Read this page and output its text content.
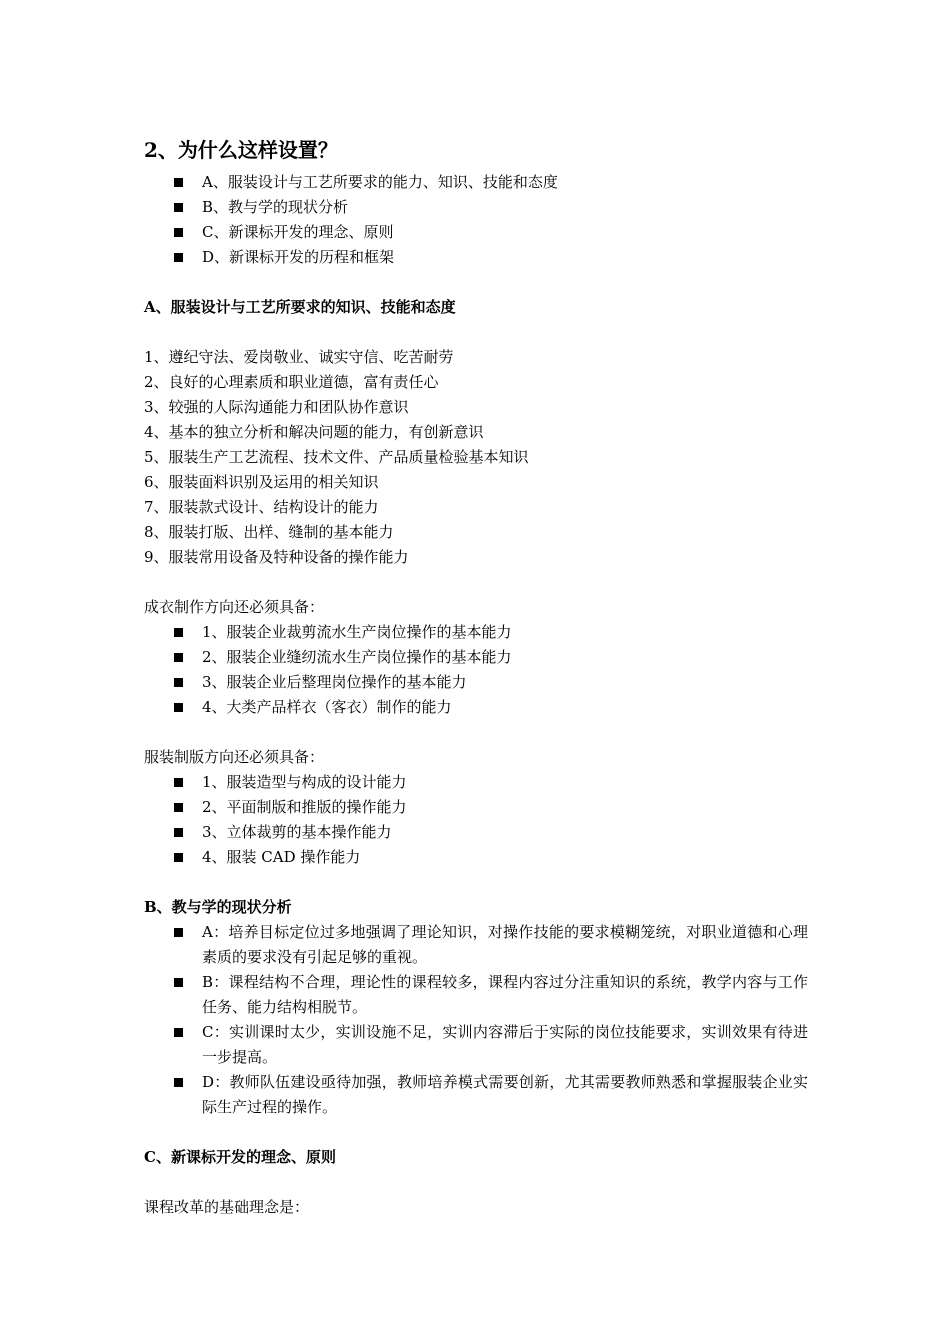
2、为什么这样设置？
A、服装设计与工艺所要求的能力、知识、技能和态度
B、教与学的现状分析
C、新课标开发的理念、原则
D、新课标开发的历程和框架
A、服装设计与工艺所要求的知识、技能和态度
1、遵纪守法、爱岗敬业、诚实守信、吃苦耐劳
2、良好的心理素质和职业道德，富有责任心
3、较强的人际沟通能力和团队协作意识
4、基本的独立分析和解决问题的能力，有创新意识
5、服装生产工艺流程、技术文件、产品质量检验基本知识
6、服装面料识别及运用的相关知识
7、服装款式设计、结构设计的能力
8、服装打版、出样、缝制的基本能力
9、服装常用设备及特种设备的操作能力
成衣制作方向还必须具备：
1、服装企业裁剪流水生产岗位操作的基本能力
2、服装企业缝纫流水生产岗位操作的基本能力
3、服装企业后整理岗位操作的基本能力
4、大类产品样衣（客衣）制作的能力
服装制版方向还必须具备：
1、服装造型与构成的设计能力
2、平面制版和推版的操作能力
3、立体裁剪的基本操作能力
4、服装 CAD 操作能力
B、教与学的现状分析
A：培养目标定位过多地强调了理论知识，对操作技能的要求模糊笼统，对职业道德和心理素质的要求没有引起足够的重视。
B：课程结构不合理，理论性的课程较多，课程内容过分注重知识的系统，教学内容与工作任务、能力结构相脱节。
C：实训课时太少，实训设施不足，实训内容滞后于实际的岗位技能要求，实训效果有待进一步提高。
D：教师队伍建设亟待加强，教师培养模式需要创新，尤其需要教师熟悉和掌握服装企业实际生产过程的操作。
C、新课标开发的理念、原则
课程改革的基础理念是：
